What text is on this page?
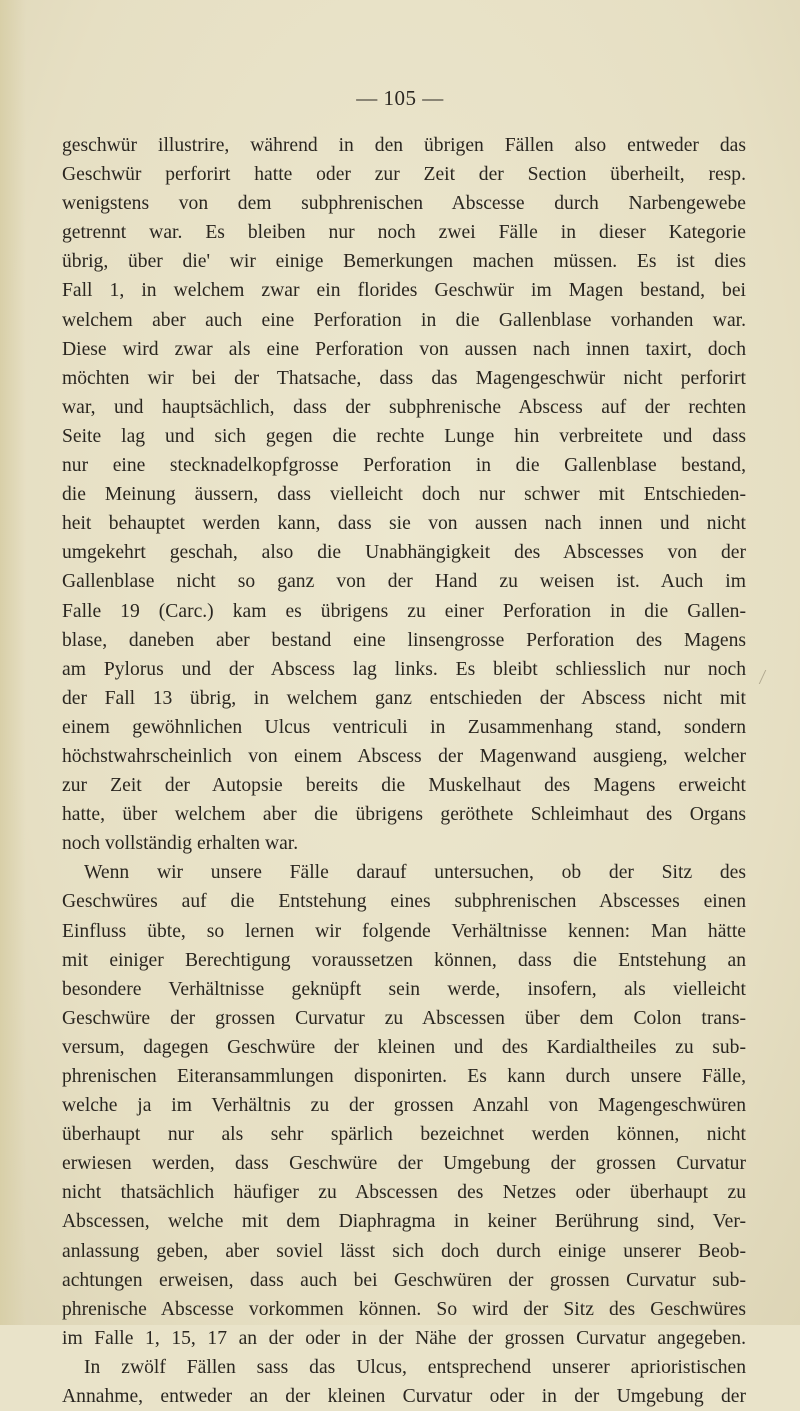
— 105 —
geschwür illustrire, während in den übrigen Fällen also entweder das
Geschwür perforirt hatte oder zur Zeit der Section überheilt, resp.
wenigstens von dem subphrenischen Abscesse durch Narbengewebe
getrennt war. Es bleiben nur noch zwei Fälle in dieser Kategorie
übrig, über die' wir einige Bemerkungen machen müssen. Es ist dies
Fall 1, in welchem zwar ein florides Geschwür im Magen bestand, bei
welchem aber auch eine Perforation in die Gallenblase vorhanden war.
Diese wird zwar als eine Perforation von aussen nach innen taxirt, doch
möchten wir bei der Thatsache, dass das Magengeschwür nicht perforirt
war, und hauptsächlich, dass der subphrenische Abscess auf der rechten
Seite lag und sich gegen die rechte Lunge hin verbreitete und dass
nur eine stecknadelkopfgrosse Perforation in die Gallenblase bestand,
die Meinung äussern, dass vielleicht doch nur schwer mit Entschieden-
heit behauptet werden kann, dass sie von aussen nach innen und nicht
umgekehrt geschah, also die Unabhängigkeit des Abscesses von der
Gallenblase nicht so ganz von der Hand zu weisen ist. Auch im
Falle 19 (Carc.) kam es übrigens zu einer Perforation in die Gallen-
blase, daneben aber bestand eine linsengrosse Perforation des Magens
am Pylorus und der Abscess lag links. Es bleibt schliesslich nur noch
der Fall 13 übrig, in welchem ganz entschieden der Abscess nicht mit
einem gewöhnlichen Ulcus ventriculi in Zusammenhang stand, sondern
höchstwahrscheinlich von einem Abscess der Magenwand ausgieng, welcher
zur Zeit der Autopsie bereits die Muskelhaut des Magens erweicht
hatte, über welchem aber die übrigens geröthete Schleimhaut des Organs
noch vollständig erhalten war.
Wenn wir unsere Fälle darauf untersuchen, ob der Sitz des
Geschwüres auf die Entstehung eines subphrenischen Abscesses einen
Einfluss übte, so lernen wir folgende Verhältnisse kennen: Man hätte
mit einiger Berechtigung voraussetzen können, dass die Entstehung an
besondere Verhältnisse geknüpft sein werde, insofern, als vielleicht
Geschwüre der grossen Curvatur zu Abscessen über dem Colon trans-
versum, dagegen Geschwüre der kleinen und des Kardialtheiles zu sub-
phrenischen Eiteransammlungen disponirten. Es kann durch unsere Fälle,
welche ja im Verhältnis zu der grossen Anzahl von Magengeschwüren
überhaupt nur als sehr spärlich bezeichnet werden können, nicht
erwiesen werden, dass Geschwüre der Umgebung der grossen Curvatur
nicht thatsächlich häufiger zu Abscessen des Netzes oder überhaupt zu
Abscessen, welche mit dem Diaphragma in keiner Berührung sind, Ver-
anlassung geben, aber soviel lässt sich doch durch einige unserer Beob-
achtungen erweisen, dass auch bei Geschwüren der grossen Curvatur sub-
phrenische Abscesse vorkommen können. So wird der Sitz des Geschwüres
im Falle 1, 15, 17 an der oder in der Nähe der grossen Curvatur angegeben.
In zwölf Fällen sass das Ulcus, entsprechend unserer aprioristischen
Annahme, entweder an der kleinen Curvatur oder in der Umgebung der
